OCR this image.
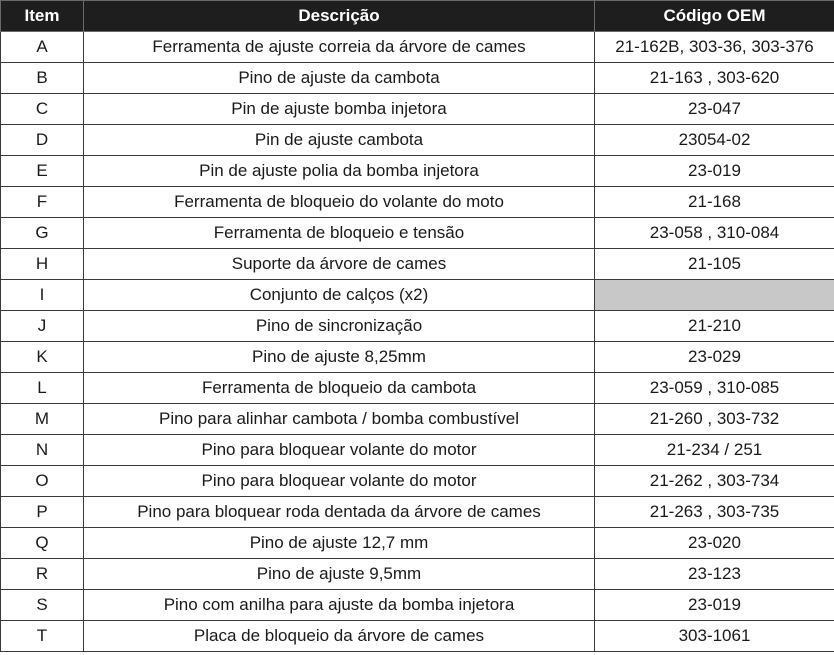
Item	Descrição	Código OEM
A	Ferramenta de ajuste correia da árvore de cames	21-162B, 303-36, 303-376
B	Pino de ajuste da cambota	21-163 , 303-620
C	Pin de ajuste bomba injetora	23-047
D	Pin de ajuste cambota	23054-02
E	Pin de ajuste polia da bomba injetora	23-019
F	Ferramenta de bloqueio do volante do moto	21-168
G	Ferramenta de bloqueio e tensão	23-058 , 310-084
H	Suporte da árvore de cames	21-105
I	Conjunto de calços (x2)	
J	Pino de sincronização	21-210
K	Pino de ajuste 8,25mm	23-029
L	Ferramenta de bloqueio da cambota	23-059 , 310-085
M	Pino para alinhar cambota / bomba combustível	21-260 , 303-732
N	Pino para bloquear volante do motor	21-234 / 251
O	Pino para bloquear volante do motor	21-262 , 303-734
P	Pino para bloquear roda dentada da árvore de cames	21-263 , 303-735
Q	Pino de ajuste 12,7 mm	23-020
R	Pino de ajuste 9,5mm	23-123
S	Pino com anilha para ajuste da bomba injetora	23-019
T	Placa de bloqueio da árvore de cames	303-1061
